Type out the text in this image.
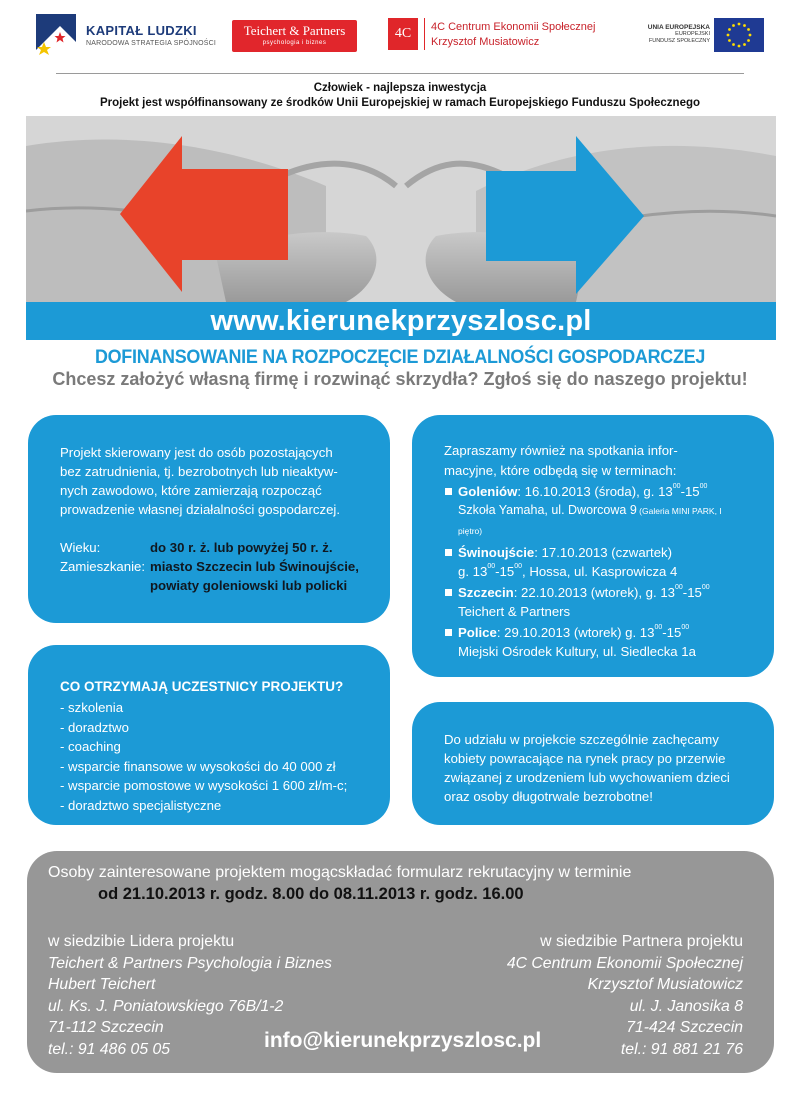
KAPITAŁ LUDZKI
NARODOWA STRATEGIA SPÓJNOŚCI
Teichert & Partners
psychologia i biznes
4C	4C Centrum Ekonomii Społecznej
Krzysztof Musiatowicz
UNIA EUROPEJSKA
EUROPEJSKI
FUNDUSZ SPOŁECZNY
Człowiek - najlepsza inwestycja
Projekt jest współfinansowany ze środków Unii Europejskiej w ramach Europejskiego Funduszu Społecznego
www.kierunekprzyszlosc.pl
DOFINANSOWANIE NA ROZPOCZĘCIE DZIAŁALNOŚCI GOSPODARCZEJ
Chcesz założyć własną firmę i rozwinąć skrzydła? Zgłoś się do naszego projektu!

Projekt skierowany jest do osób pozostających

bez zatrudnienia, tj. bezrobotnych lub nieaktyw-

nych zawodowo, które zamierzają rozpocząć

prowadzenie własnej działalności gospodarczej.

Wieku:	do 30 r. ż. lub powyżej 50 r. ż.
Zamieszkanie: miasto Szczecin lub Świnoujście,
powiaty goleniowski lub policki
Zapraszamy również na spotkania infor-
macyjne, które odbędą się w terminach:
Goleniów: 16.10.2013 (środa), g. $13^{00}-15^{00}$
Szkoła Yamaha, ul. Dworcowa 9 (Galeria MINI PARK, I piętro)
Świnoujście: 17.10.2013 (czwartek)
g. $13^{00}-15^{00}$, Hossa, ul. Kasprowicza 4
Szczecin: 22.10.2013 (wtorek), g. $13^{00}-15^{00}$
Teichert & Partners
Police: 29.10.2013 (wtorek) g. $13^{00}-15^{00}$
Miejski Ośrodek Kultury, ul. Siedlecka 1a
CO OTRZYMAJĄ UCZESTNICY PROJEKTU?
- szkolenia
- doradztwo
- coaching
- wsparcie finansowe w wysokości do 40 000 zł
- wsparcie pomostowe w wysokości 1 600 zł/m-c;
- doradztwo specjalistyczne
Do udziału w projekcie szczególnie zachęcamy
kobiety powracające na rynek pracy po przerwie
związanej z urodzeniem lub wychowaniem dzieci
oraz osoby długotrwale bezrobotne!
Osoby zainteresowane projektem mogącskładać formularz rekrutacyjny w terminie
od 21.10.2013 r. godz. 8.00 do 08.11.2013 r. godz. 16.00
w siedzibie Lidera projektu
Teichert & Partners Psychologia i Biznes
Hubert Teichert
ul. Ks. J. Poniatowskiego 76B/1-2
71-112 Szczecin
tel.: 91 486 05 05
w siedzibie Partnera projektu
4C Centrum Ekonomii Społecznej
Krzysztof Musiatowicz
ul. J. Janosika 8
71-424 Szczecin
tel.: 91 881 21 76
info@kierunekprzyszlosc.pl
